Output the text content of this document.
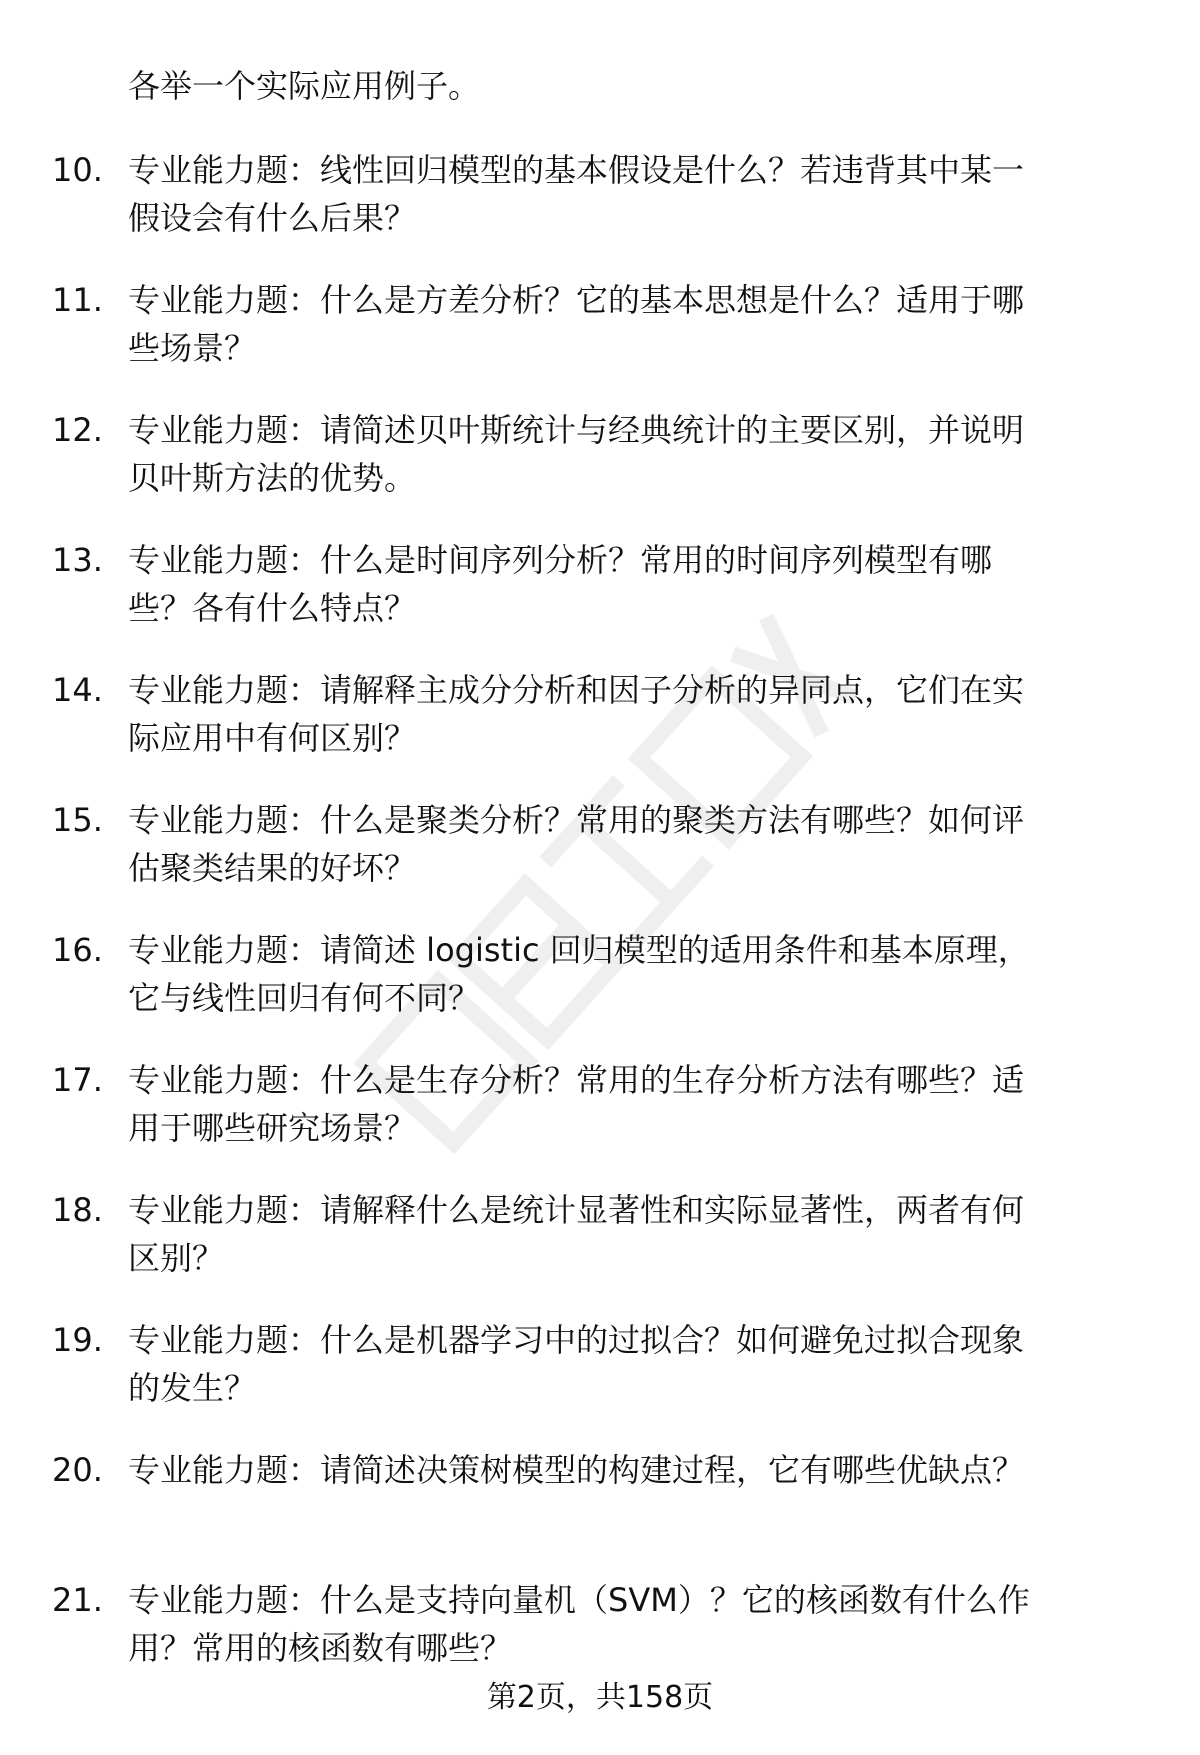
各举一个实际应用例子。
10. 专业能力题：线性回归模型的基本假设是什么？若违背其中某一
假设会有什么后果？
11. 专业能力题：什么是方差分析？它的基本思想是什么？适用于哪
些场景？
12. 专业能力题：请简述贝叶斯统计与经典统计的主要区别，并说明
贝叶斯方法的优势。
13. 专业能力题：什么是时间序列分析？常用的时间序列模型有哪
些？各有什么特点？
14. 专业能力题：请解释主成分分析和因子分析的异同点，它们在实
际应用中有何区别？
15. 专业能力题：什么是聚类分析？常用的聚类方法有哪些？如何评
估聚类结果的好坏？
16. 专业能力题：请简述 logistic 回归模型的适用条件和基本原理，
它与线性回归有何不同？
17. 专业能力题：什么是生存分析？常用的生存分析方法有哪些？适
用于哪些研究场景？
18. 专业能力题：请解释什么是统计显著性和实际显著性，两者有何
区别？
19. 专业能力题：什么是机器学习中的过拟合？如何避免过拟合现象
的发生？
20. 专业能力题：请简述决策树模型的构建过程，它有哪些优缺点？
21. 专业能力题：什么是支持向量机（SVM）？它的核函数有什么作
用？常用的核函数有哪些？
第2页，共158页
